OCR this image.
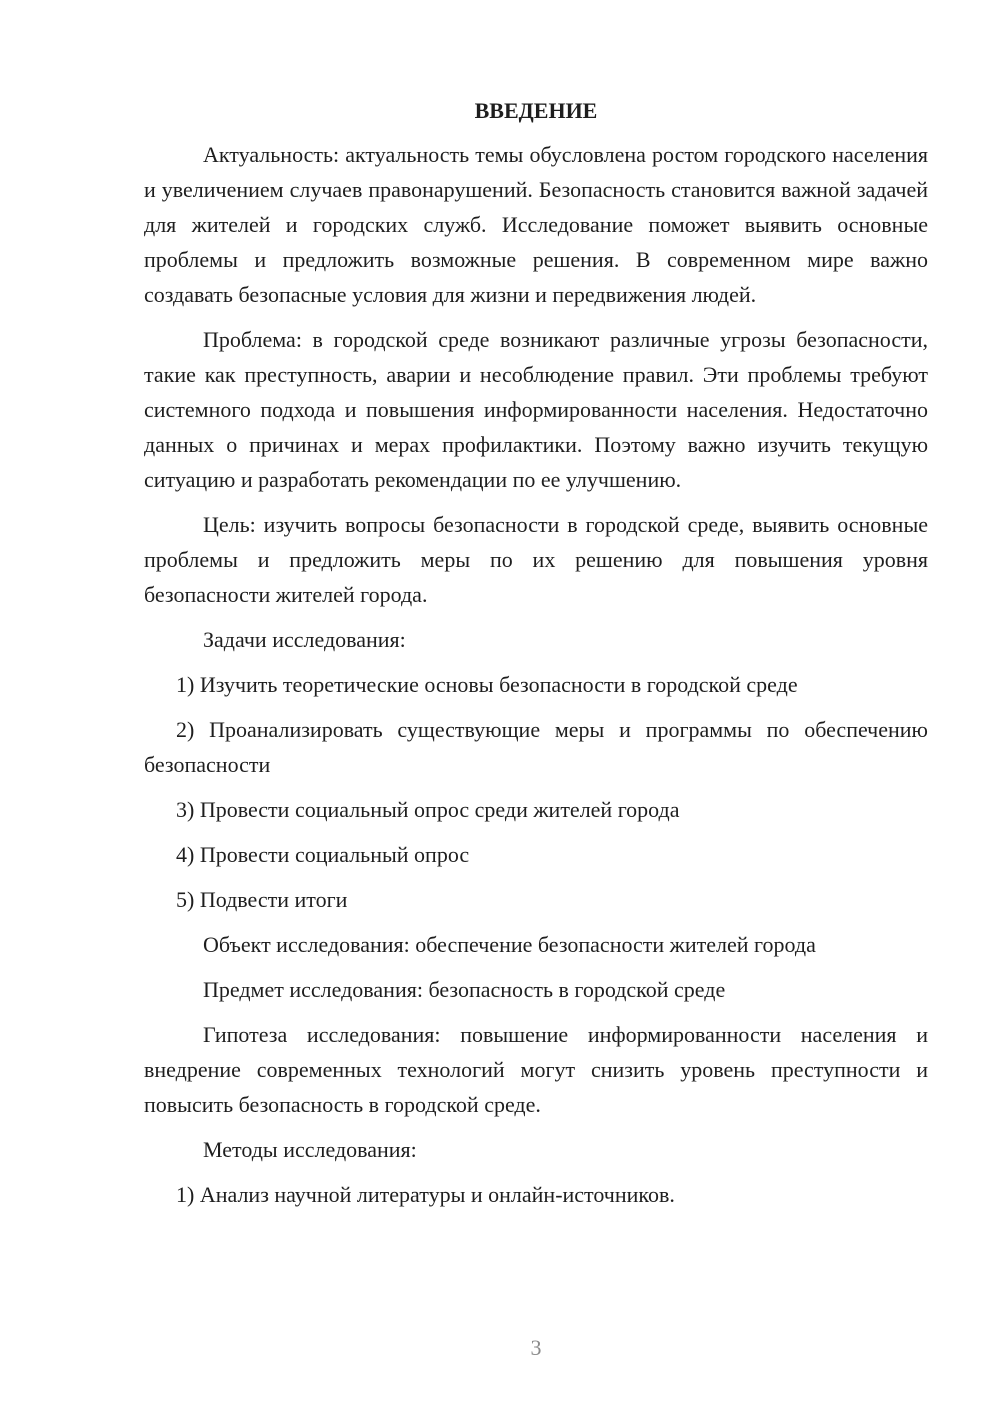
ВВЕДЕНИЕ

Актуальность: актуальность темы обусловлена ростом городского населения и увеличением случаев правонарушений. Безопасность становится важной задачей для жителей и городских служб. Исследование поможет выявить основные проблемы и предложить возможные решения. В современном мире важно создавать безопасные условия для жизни и передвижения людей.

Проблема: в городской среде возникают различные угрозы безопасности, такие как преступность, аварии и несоблюдение правил. Эти проблемы требуют системного подхода и повышения информированности населения. Недостаточно данных о причинах и мерах профилактики. Поэтому важно изучить текущую ситуацию и разработать рекомендации по ее улучшению.

Цель: изучить вопросы безопасности в городской среде, выявить основные проблемы и предложить меры по их решению для повышения уровня безопасности жителей города.

Задачи исследования:

1) Изучить теоретические основы безопасности в городской среде

2) Проанализировать существующие меры и программы по обеспечению безопасности

3) Провести социальный опрос среди жителей города

4) Провести социальный опрос

5) Подвести итоги

Объект исследования: обеспечение безопасности жителей города

Предмет исследования: безопасность в городской среде

Гипотеза исследования: повышение информированности населения и внедрение современных технологий могут снизить уровень преступности и повысить безопасность в городской среде.

Методы исследования:

1) Анализ научной литературы и онлайн-источников.

3
